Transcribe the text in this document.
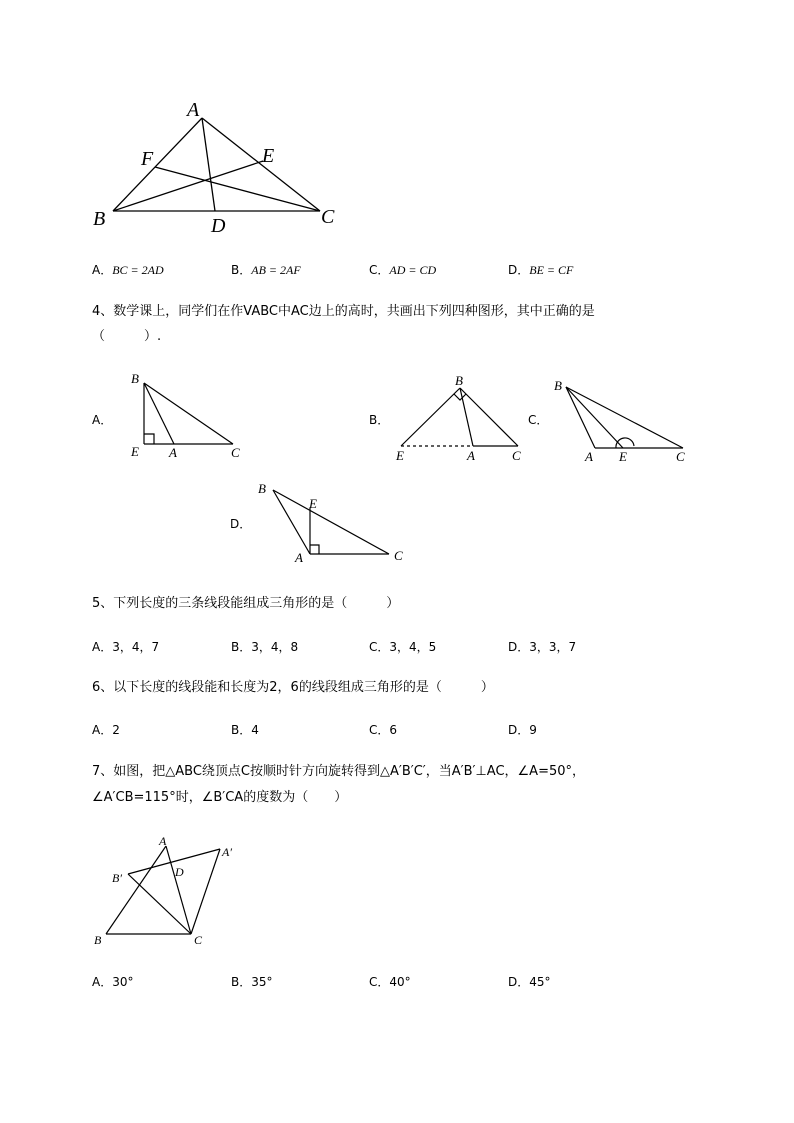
A
F	E
B	D	C
A．BC = 2AD	B．AB = 2AF	C．AD = CD	D．BE = CF
4、数学课上，同学们在作VABC中AC边上的高时，共画出下列四种图形，其中正确的是
（　　　）.
A．
B
E A	C
B．
B
E	A	C
C．
B
A E	C
D．
B
E
A	C
5、下列长度的三条线段能组成三角形的是（　　　）
A．3，4，7	B．3，4，8	C．3，4，5	D．3，3，7
6、以下长度的线段能和长度为2，6的线段组成三角形的是（　　　）
A．2	B．4	C．6	D．9
7、如图，把△ABC绕顶点C按顺时针方向旋转得到△A′B′C′，当A′B′⊥AC，∠A=50°，
∠A′CB=115°时，∠B′CA的度数为（　　）
A
A′
B′	D
B	C
A．30°	B．35°	C．40°	D．45°
